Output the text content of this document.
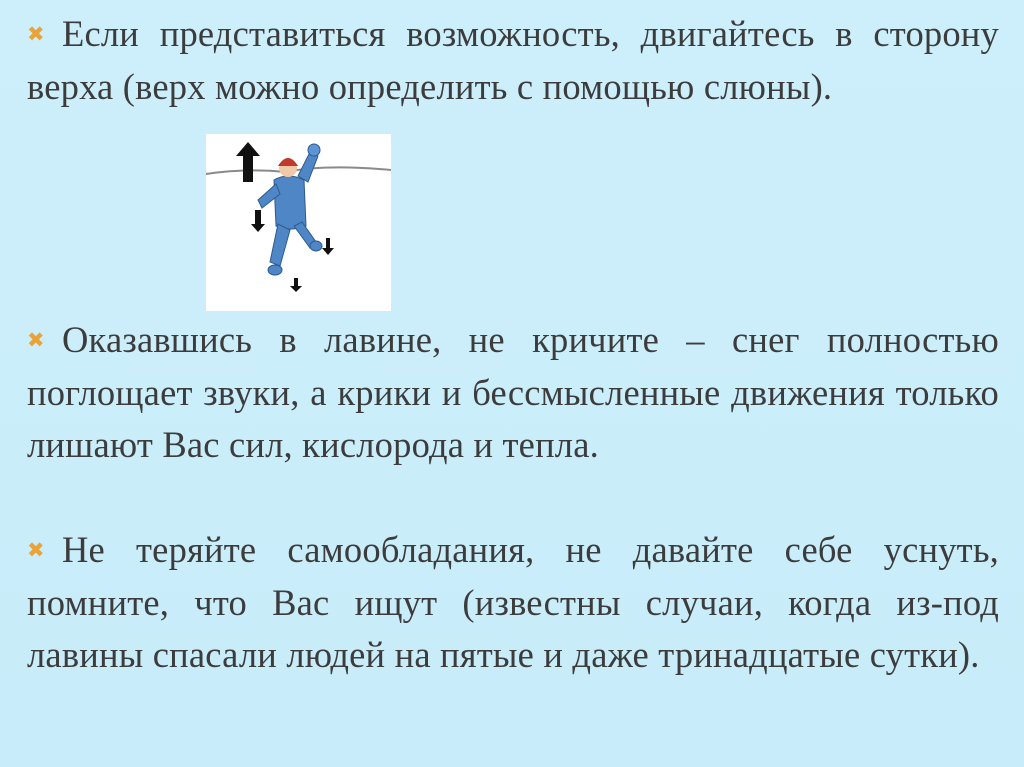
✖ Если представиться возможность, двигайтесь в сторону верха (верх можно определить с помощью слюны).
✖ Оказавшись в лавине, не кричите – снег полностью поглощает звуки, а крики и бессмысленные движения только лишают Вас сил, кислорода и тепла.
✖ Не теряйте самообладания, не давайте себе уснуть, помните, что Вас ищут (известны случаи, когда из-под лавины спасали людей на пятые и даже тринадцатые сутки).
